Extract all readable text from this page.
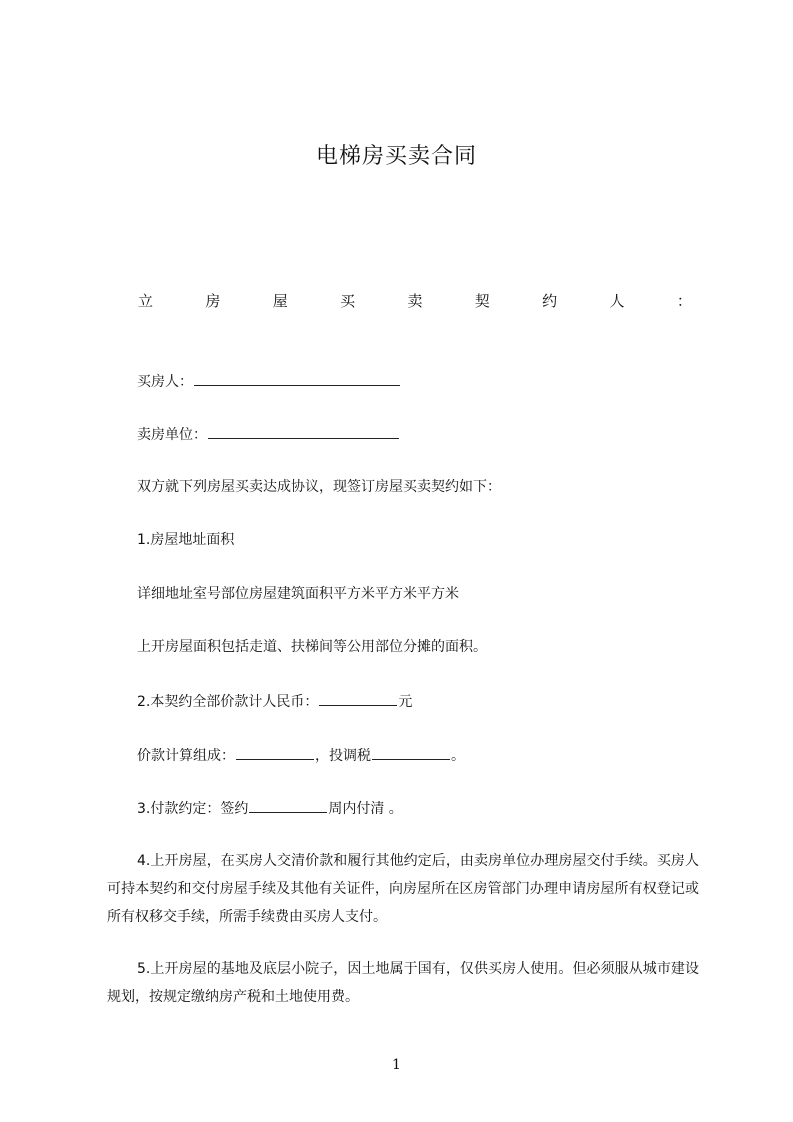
电梯房买卖合同
立	房	屋	买	卖	契	约	人	：
买房人：
卖房单位：
双方就下列房屋买卖达成协议，现签订房屋买卖契约如下：
1.房屋地址面积
详细地址室号部位房屋建筑面积平方米平方米平方米
上开房屋面积包括走道、扶梯间等公用部位分摊的面积。
2.本契约全部价款计人民币：	元
价款计算组成：	，投调税	。
3.付款约定：签约	周内付清 。

4.上开房屋，在买房人交清价款和履行其他约定后，由卖房单位办理房屋交付手续。买房人可持本契约和交付房屋手续及其他有关证件，向房屋所在区房管部门办理申请房屋所有权登记或所有权移交手续，所需手续费由买房人支付。

5.上开房屋的基地及底层小院子，因土地属于国有，仅供买房人使用。但必须服从城市建设规划，按规定缴纳房产税和土地使用费。

1
